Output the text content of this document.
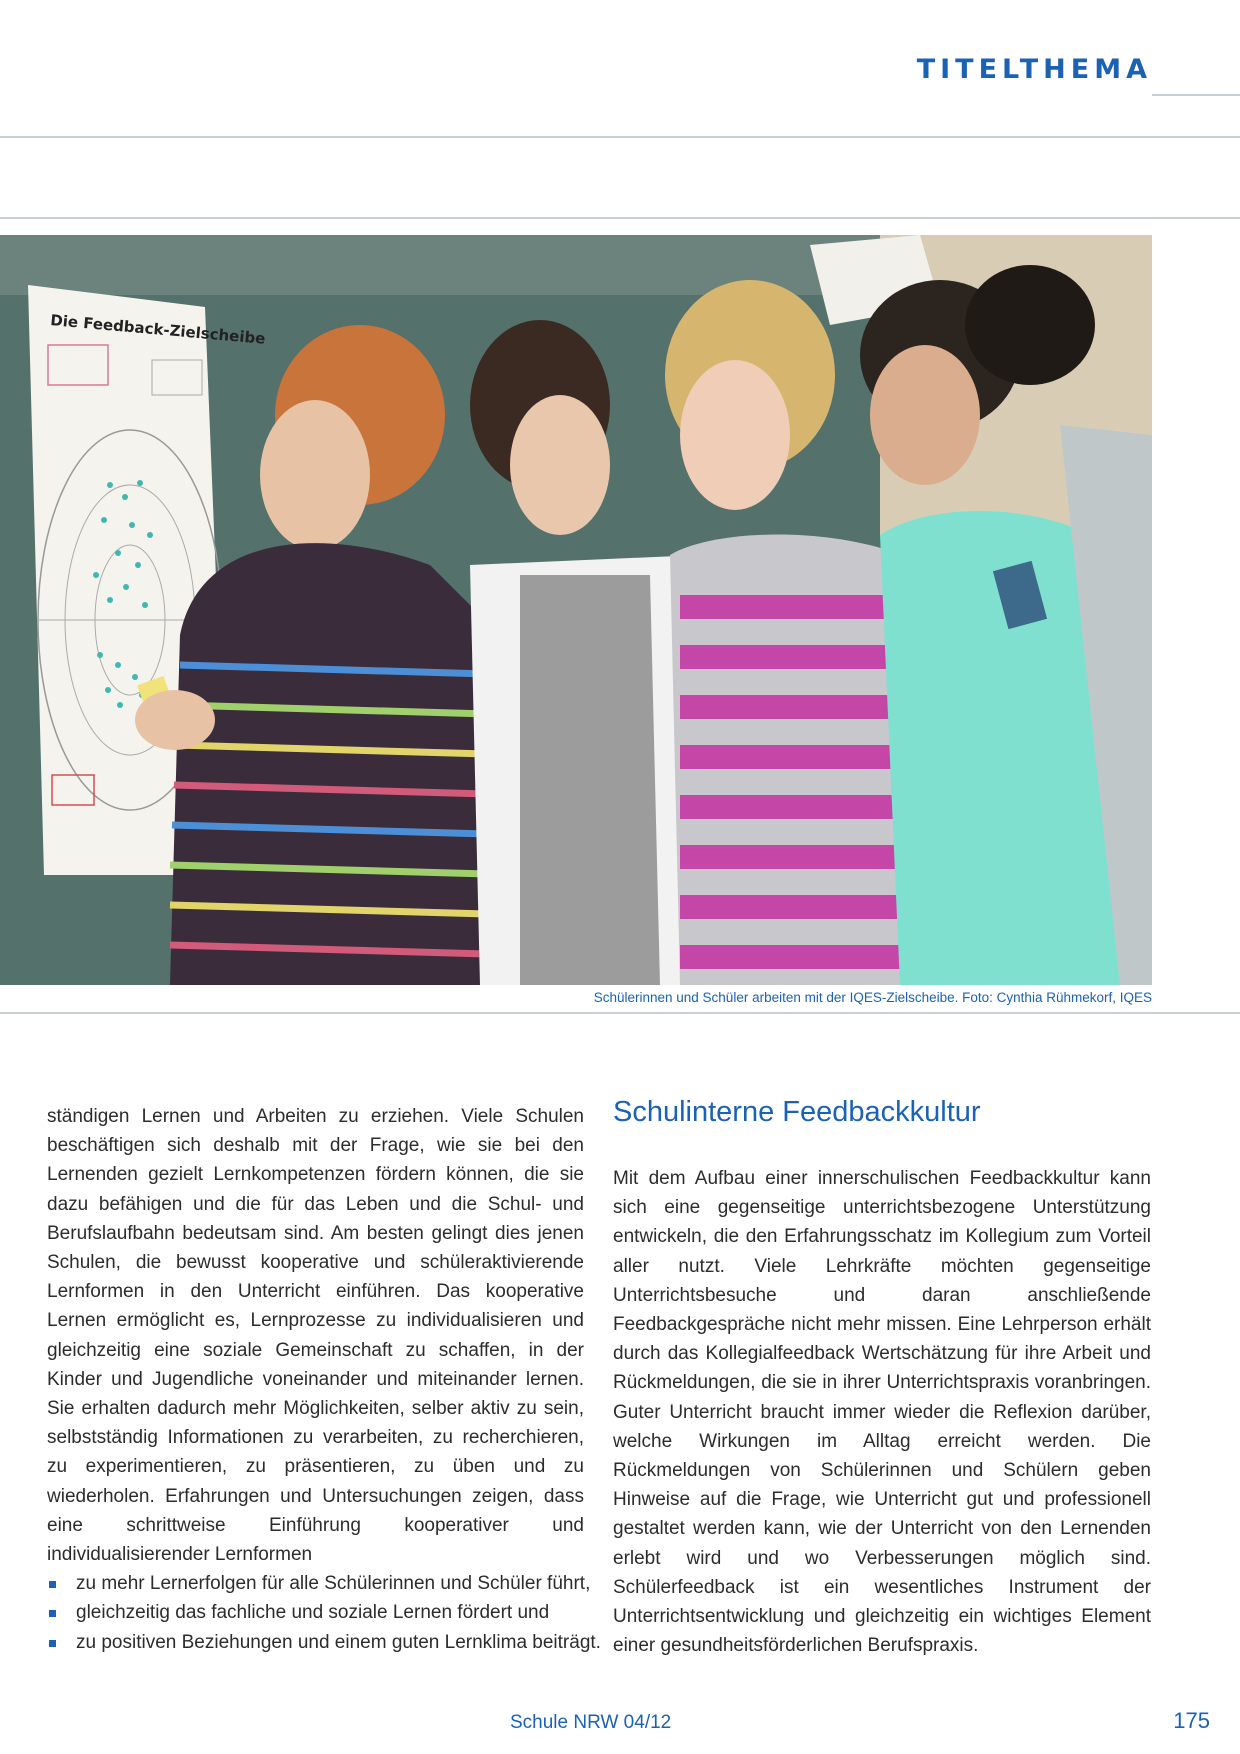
TITELTHEMA
Die Feedback-Zielscheibe
Schülerinnen und Schüler arbeiten mit der IQES-Zielscheibe. Foto: Cynthia Rühmekorf, IQES

ständigen Lernen und Arbeiten zu erziehen. Viele Schulen beschäftigen sich deshalb mit der Frage, wie sie bei den Lernenden gezielt Lernkompetenzen fördern können, die sie dazu befähigen und die für das Leben und die Schul- und Berufslaufbahn bedeutsam sind. Am besten gelingt dies jenen Schulen, die bewusst kooperative und schüleraktivierende Lernformen in den Unterricht einführen. Das kooperative Lernen ermöglicht es, Lernprozesse zu individualisieren und gleichzeitig eine soziale Gemeinschaft zu schaffen, in der Kinder und Jugendliche voneinander und miteinander lernen. Sie erhalten dadurch mehr Möglichkeiten, selber aktiv zu sein, selbstständig Informationen zu verarbeiten, zu recherchieren, zu experimentieren, zu präsentieren, zu üben und zu wiederholen. Erfahrungen und Untersuchungen zeigen, dass eine schrittweise Einführung kooperativer und individualisierender Lernformen

zu mehr Lernerfolgen für alle Schülerinnen und Schüler führt,
gleichzeitig das fachliche und soziale Lernen fördert und
zu positiven Beziehungen und einem guten Lernklima beiträgt.
Schulinterne Feedbackkultur

Mit dem Aufbau einer innerschulischen Feedbackkultur kann sich eine gegenseitige unterrichtsbezogene Unterstützung entwickeln, die den Erfahrungsschatz im Kollegium zum Vorteil aller nutzt. Viele Lehrkräfte möchten gegenseitige Unterrichtsbesuche und daran anschließende Feedbackgespräche nicht mehr missen. Eine Lehrperson erhält durch das Kollegialfeedback Wertschätzung für ihre Arbeit und Rückmeldungen, die sie in ihrer Unterrichtspraxis voranbringen. Guter Unterricht braucht immer wieder die Reflexion darüber, welche Wirkungen im Alltag erreicht werden. Die Rückmeldungen von Schülerinnen und Schülern geben Hinweise auf die Frage, wie Unterricht gut und professionell gestaltet werden kann, wie der Unterricht von den Lernenden erlebt wird und wo Verbesserungen möglich sind. Schülerfeedback ist ein wesentliches Instrument der Unterrichtsentwicklung und gleichzeitig ein wichtiges Element einer gesundheitsförderlichen Berufspraxis.

Schule NRW 04/12	175
